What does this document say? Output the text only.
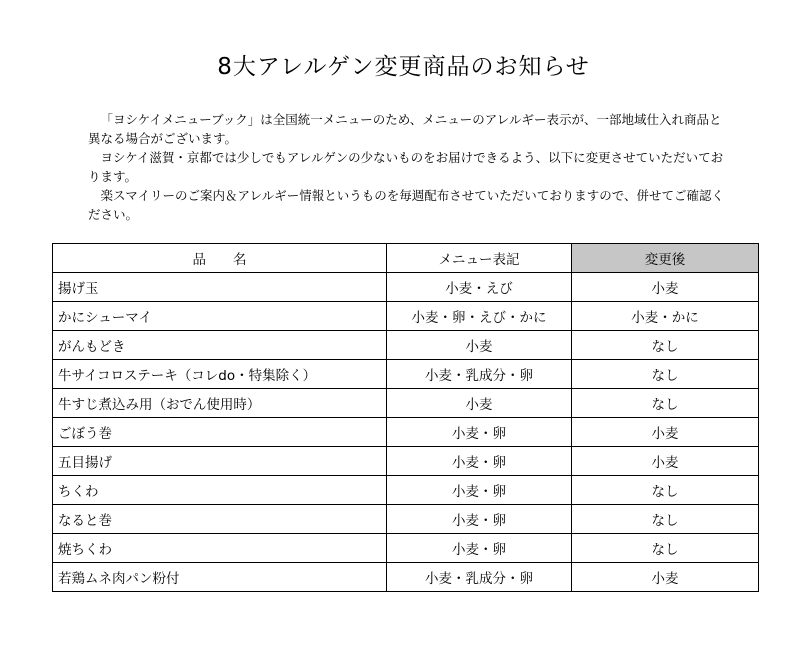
8大アレルゲン変更商品のお知らせ

「ヨシケイメニューブック」は全国統一メニューのため、メニューのアレルギー表示が、一部地域仕入れ商品と異なる場合がございます。

ヨシケイ滋賀・京都では少しでもアレルゲンの少ないものをお届けできるよう、以下に変更させていただいております。

楽スマイリーのご案内＆アレルギー情報というものを毎週配布させていただいておりますので、併せてご確認ください。

品　　名	メニュー表記	変更後
揚げ玉	小麦・えび	小麦
かにシューマイ	小麦・卵・えび・かに	小麦・かに
がんもどき	小麦	なし
牛サイコロステーキ（コレdo・特集除く）	小麦・乳成分・卵	なし
牛すじ煮込み用（おでん使用時）	小麦	なし
ごぼう巻	小麦・卵	小麦
五目揚げ	小麦・卵	小麦
ちくわ	小麦・卵	なし
なると巻	小麦・卵	なし
焼ちくわ	小麦・卵	なし
若鶏ムネ肉パン粉付	小麦・乳成分・卵	小麦
